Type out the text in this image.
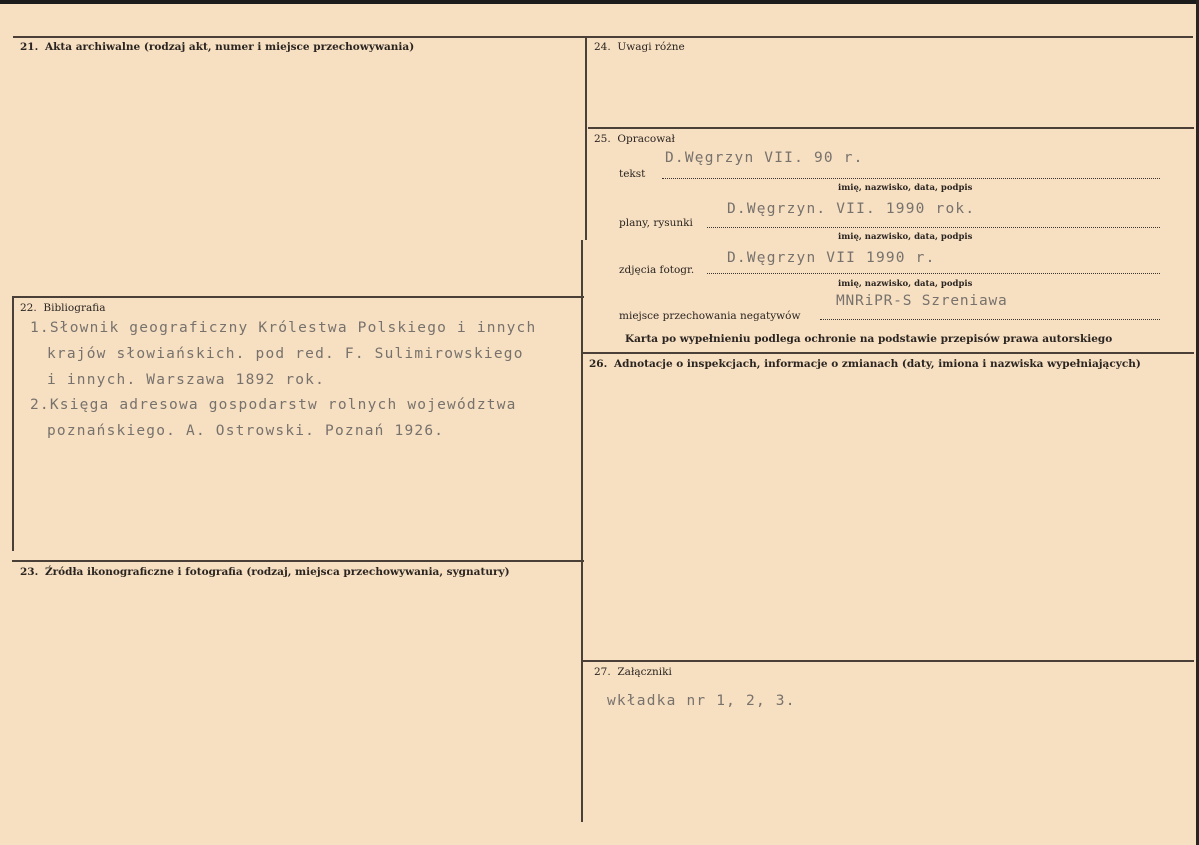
21. Akta archiwalne (rodzaj akt, numer i miejsce przechowywania)
22. Bibliografia
1.Słownik geograficzny Królestwa Polskiego i innych
krajów słowiańskich. pod red. F. Sulimirowskiego
i innych. Warszawa 1892 rok.
2.Księga adresowa gospodarstw rolnych województwa
poznańskiego. A. Ostrowski. Poznań 1926.
23. Źródła ikonograficzne i fotografia (rodzaj, miejsca przechowywania, sygnatury)
24. Uwagi różne
25. Opracował
D.Węgrzyn VII. 90 r.
tekst
imię, nazwisko, data, podpis
D.Węgrzyn. VII. 1990 rok.
plany, rysunki
imię, nazwisko, data, podpis
D.Węgrzyn VII 1990 r.
zdjęcia fotogr.
imię, nazwisko, data, podpis
MNRiPR-S Szreniawa
miejsce przechowania negatywów
Karta po wypełnieniu podlega ochronie na podstawie przepisów prawa autorskiego
26. Adnotacje o inspekcjach, informacje o zmianach (daty, imiona i nazwiska wypełniających)
27. Załączniki
wkładka nr 1, 2, 3.
